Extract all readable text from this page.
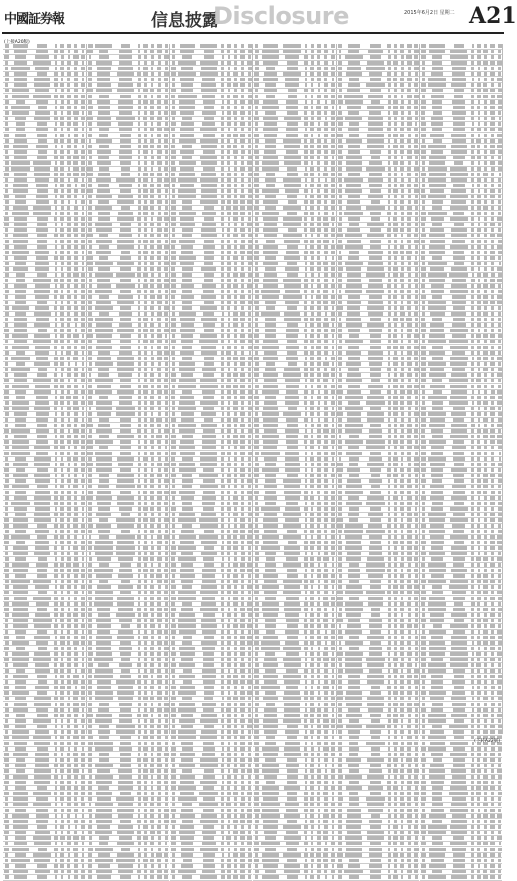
中國証券報	信息披露
Disclosure	2015年6月2日 星期二 A21
(上接A20版)
(下转A22版)
